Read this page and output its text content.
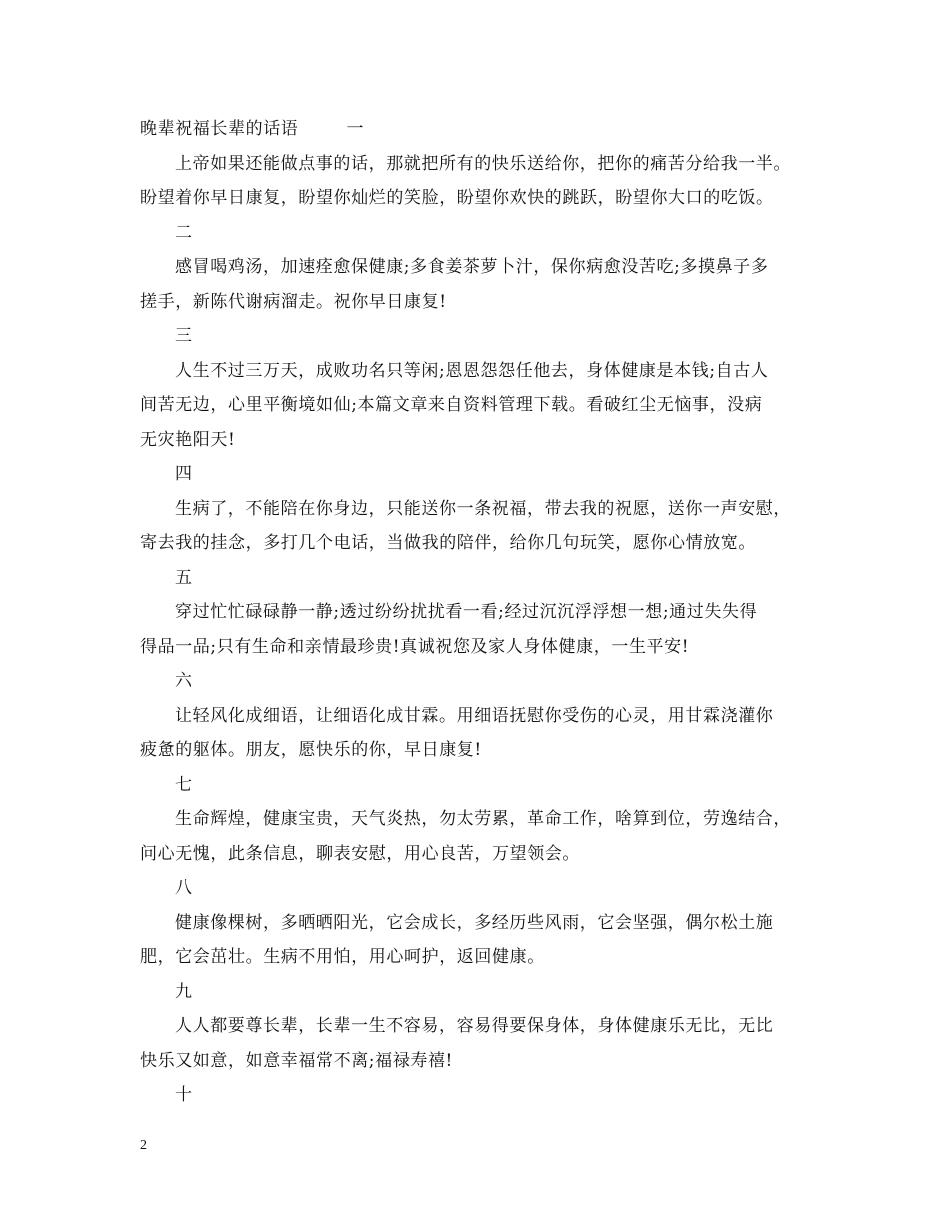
晚辈祝福长辈的话语	一
上帝如果还能做点事的话，那就把所有的快乐送给你，把你的痛苦分给我一半。
盼望着你早日康复，盼望你灿烂的笑脸，盼望你欢快的跳跃，盼望你大口的吃饭。
二
感冒喝鸡汤，加速痊愈保健康;多食姜茶萝卜汁，保你病愈没苦吃;多摸鼻子多
搓手，新陈代谢病溜走。祝你早日康复!
三
人生不过三万天，成败功名只等闲;恩恩怨怨任他去，身体健康是本钱;自古人
间苦无边，心里平衡境如仙;本篇文章来自资料管理下载。看破红尘无恼事，没病
无灾艳阳天!
四
生病了，不能陪在你身边，只能送你一条祝福，带去我的祝愿，送你一声安慰，
寄去我的挂念，多打几个电话，当做我的陪伴，给你几句玩笑，愿你心情放宽。
五
穿过忙忙碌碌静一静;透过纷纷扰扰看一看;经过沉沉浮浮想一想;通过失失得
得品一品;只有生命和亲情最珍贵!真诚祝您及家人身体健康，一生平安!
六
让轻风化成细语，让细语化成甘霖。用细语抚慰你受伤的心灵，用甘霖浇灌你
疲惫的躯体。朋友，愿快乐的你，早日康复!
七
生命辉煌，健康宝贵，天气炎热，勿太劳累，革命工作，啥算到位，劳逸结合，
问心无愧，此条信息，聊表安慰，用心良苦，万望领会。
八
健康像棵树，多晒晒阳光，它会成长，多经历些风雨，它会坚强，偶尔松土施
肥，它会茁壮。生病不用怕，用心呵护，返回健康。
九
人人都要尊长辈，长辈一生不容易，容易得要保身体，身体健康乐无比，无比
快乐又如意，如意幸福常不离;福禄寿禧!
十
2
